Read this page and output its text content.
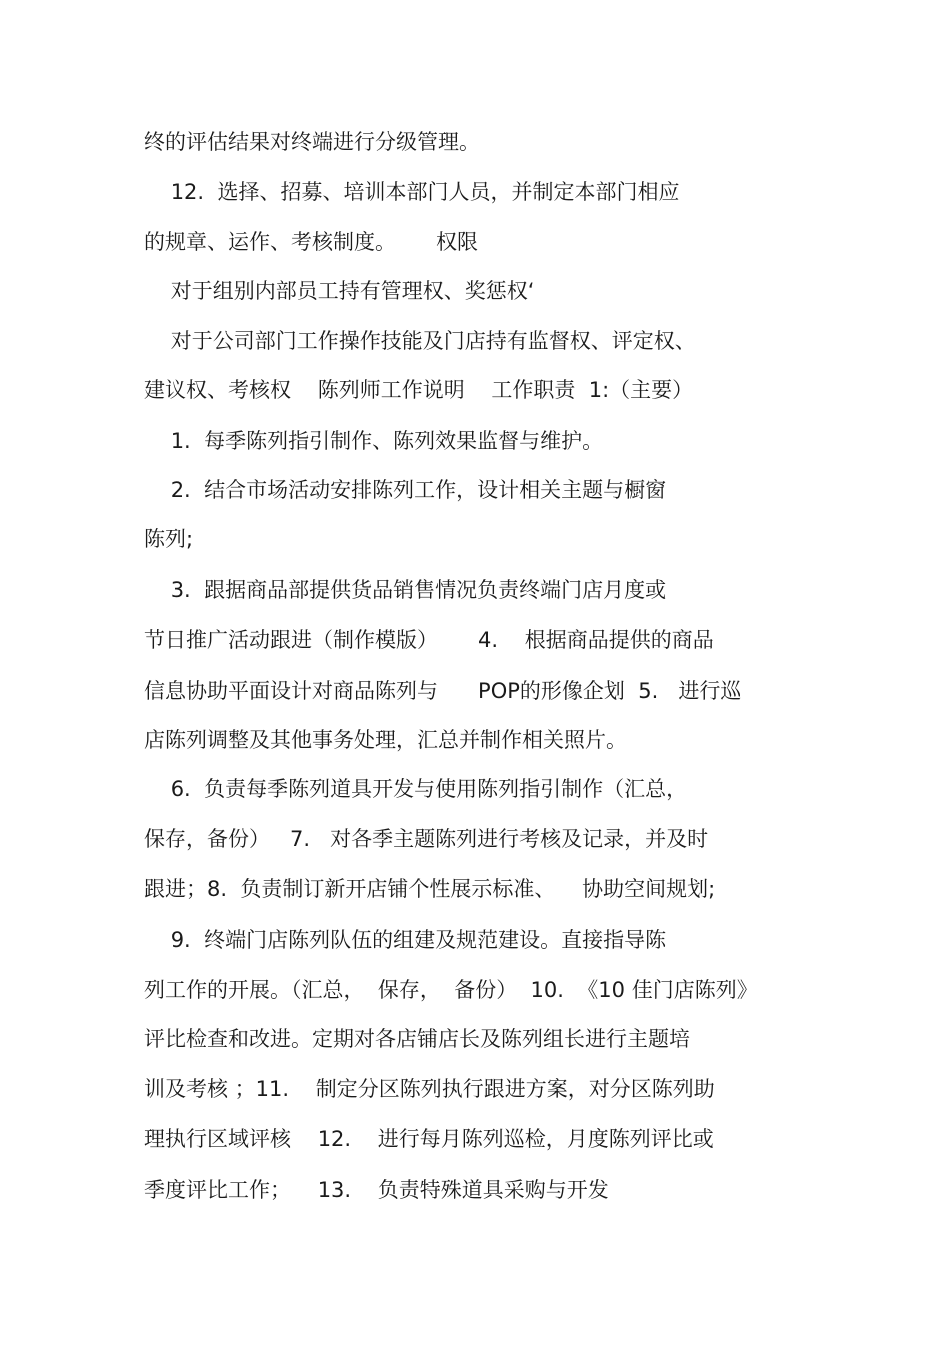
终的评估结果对终端进行分级管理。
12.  选择、招募、培训本部门人员，并制定本部门相应
的规章、运作、考核制度。      权限
对于组别内部员工持有管理权、奖惩权‘
对于公司部门工作操作技能及门店持有监督权、评定权、
建议权、考核权    陈列师工作说明    工作职责  1:（主要）
1.  每季陈列指引制作、陈列效果监督与维护。
2.  结合市场活动安排陈列工作，设计相关主题与橱窗
陈列;
3.  跟据商品部提供货品销售情况负责终端门店月度或
节日推广活动跟进（制作模版）      4.    根据商品提供的商品
信息协助平面设计对商品陈列与      POP的形像企划  5.   进行巡
店陈列调整及其他事务处理，汇总并制作相关照片。
6.  负责每季陈列道具开发与使用陈列指引制作（汇总，
保存，备份）   7.   对各季主题陈列进行考核及记录，并及时
跟进；8.  负责制订新开店铺个性展示标准、    协助空间规划;
9.  终端门店陈列队伍的组建及规范建设。直接指导陈
列工作的开展。（汇总，  保存，  备份）  10.  《10 佳门店陈列》
评比检查和改进。定期对各店铺店长及陈列组长进行主题培
训及考核 ；11.    制定分区陈列执行跟进方案，对分区陈列助
理执行区域评核    12.    进行每月陈列巡检，月度陈列评比或
季度评比工作；    13.    负责特殊道具采购与开发
